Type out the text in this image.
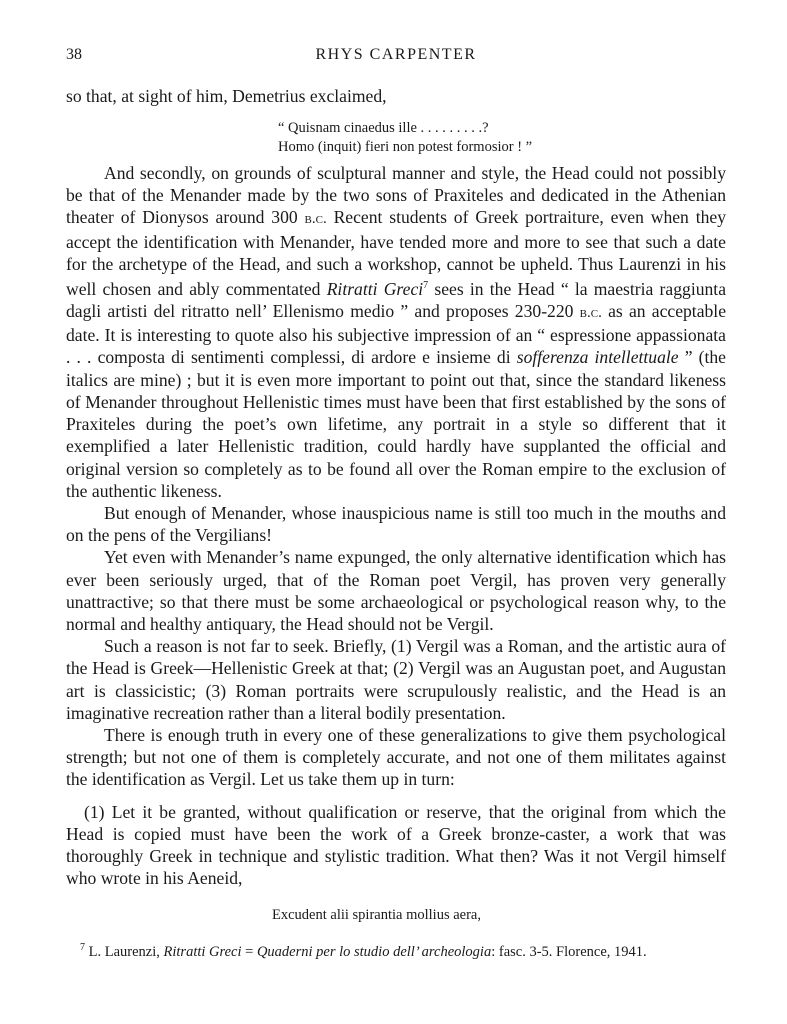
38	RHYS CARPENTER

so that, at sight of him, Demetrius exclaimed,

“ Quisnam cinaedus ille . . . . . . . . .?

Homo (inquit) fieri non potest formosior ! ”

And secondly, on grounds of sculptural manner and style, the Head could not possibly be that of the Menander made by the two sons of Praxiteles and dedicated in the Athenian theater of Dionysos around 300 b.c. Recent students of Greek portraiture, even when they accept the identification with Menander, have tended more and more to see that such a date for the archetype of the Head, and such a workshop, cannot be upheld. Thus Laurenzi in his well chosen and ably commentated Ritratti Greci$^7$ sees in the Head “ la maestria raggiunta dagli artisti del ritratto nell’ Ellenismo medio ” and proposes 230-220 b.c. as an acceptable date. It is interesting to quote also his subjective impression of an “ espressione appassionata . . . composta di sentimenti complessi, di ardore e insieme di sofferenza intellettuale ” (the italics are mine) ; but it is even more important to point out that, since the standard likeness of Menander throughout Hellenistic times must have been that first established by the sons of Praxiteles during the poet’s own lifetime, any portrait in a style so different that it exemplified a later Hellenistic tradition, could hardly have supplanted the official and original version so completely as to be found all over the Roman empire to the exclusion of the authentic likeness.

But enough of Menander, whose inauspicious name is still too much in the mouths and on the pens of the Vergilians!

Yet even with Menander’s name expunged, the only alternative identification which has ever been seriously urged, that of the Roman poet Vergil, has proven very generally unattractive; so that there must be some archaeological or psychological reason why, to the normal and healthy antiquary, the Head should not be Vergil.

Such a reason is not far to seek. Briefly, (1) Vergil was a Roman, and the artistic aura of the Head is Greek—Hellenistic Greek at that; (2) Vergil was an Augustan poet, and Augustan art is classicistic; (3) Roman portraits were scrupulously realistic, and the Head is an imaginative recreation rather than a literal bodily presentation.

There is enough truth in every one of these generalizations to give them psychological strength; but not one of them is completely accurate, and not one of them militates against the identification as Vergil. Let us take them up in turn:

(1) Let it be granted, without qualification or reserve, that the original from which the Head is copied must have been the work of a Greek bronze-caster, a work that was thoroughly Greek in technique and stylistic tradition. What then? Was it not Vergil himself who wrote in his Aeneid,

Excudent alii spirantia mollius aera,

$^7$ L. Laurenzi, Ritratti Greci = Quaderni per lo studio dell’ archeologia: fasc. 3-5. Florence, 1941.
